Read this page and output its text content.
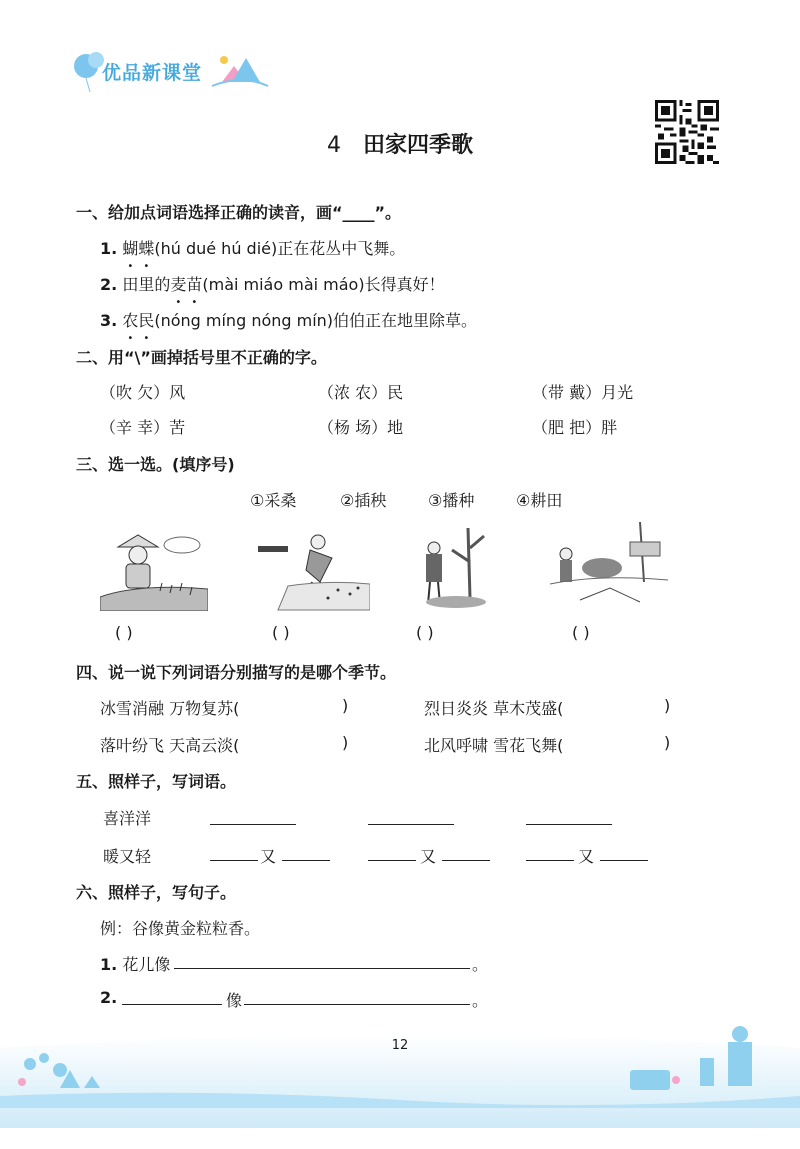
优品新课堂
4 田家四季歌
一、给加点词语选择正确的读音，画“____”。
1. 蝴蝶(hú dué hú dié)正在花丛中飞舞。
2. 田里的麦苗(mài miáo mài máo)长得真好！
3. 农民(nóng míng nóng mín)伯伯正在地里除草。
二、用“\”画掉括号里不正确的字。
（吹 欠）风	（浓 农）民	（带 戴）月光
（辛 幸）苦	（杨 场）地	（肥 把）胖
三、选一选。(填序号)
①采桑	②插秧	③播种	④耕田
( )	( )	( )	( )
四、说一说下列词语分别描写的是哪个季节。
冰雪消融 万物复苏(	)	烈日炎炎 草木茂盛(	)
落叶纷飞 天高云淡(	)	北风呼啸 雪花飞舞(	)
五、照样子，写词语。
喜洋洋
暖又轻	又	又	又
六、照样子，写句子。
例：谷像黄金粒粒香。
1. 花儿像	。
2.	像	。
12
